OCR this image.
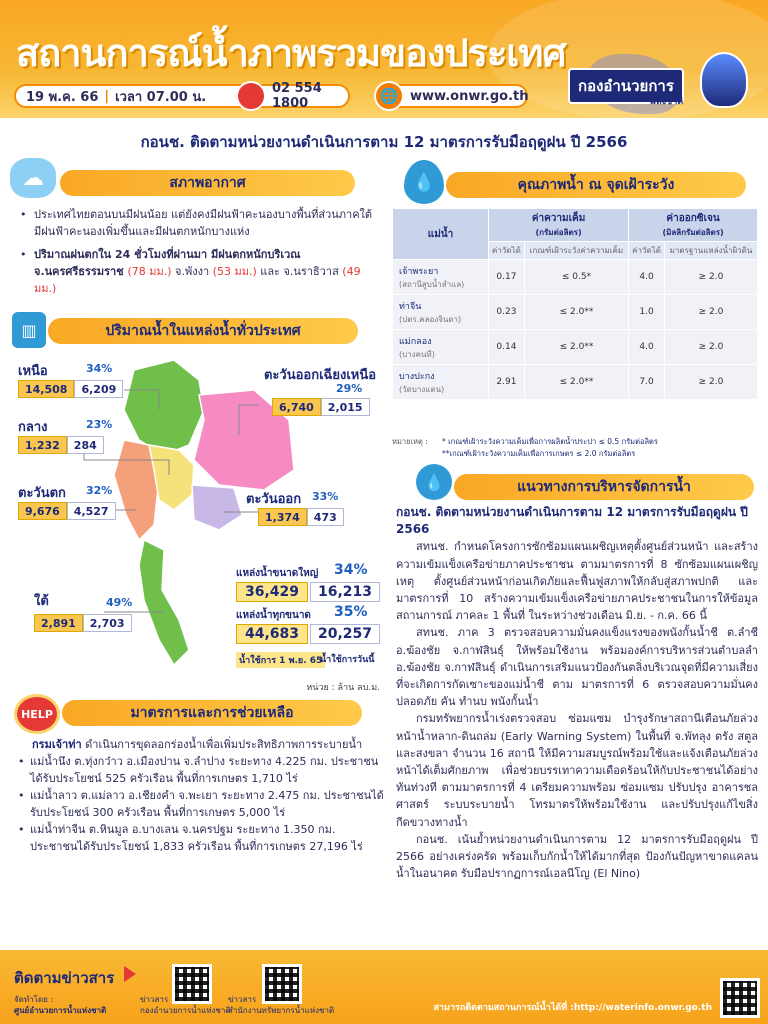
สถานการณ์น้ำภาพรวมของประเทศ
19 พ.ค. 66 | เวลา 07.00 น.	☎ 02 554 1800	🌐 www.onwr.go.th
กองอำนวยการ
แห่งชาติ
กอนช. ติดตามหน่วยงานดำเนินการตาม 12 มาตรการรับมือฤดูฝน ปี 2566
☁	สภาพอากาศ
• ประเทศไทยตอนบนมีฝนน้อย แต่ยังคงมีฝนฟ้าคะนองบางพื้นที่ส่วนภาคใต้มีฝนฟ้าคะนองเพิ่มขึ้นและมีฝนตกหนักบางแห่ง
• ปริมาณฝนตกใน 24 ชั่วโมงที่ผ่านมา มีฝนตกหนักบริเวณ จ.นครศรีธรรมราช (78 มม.) จ.พังงา (53 มม.) และ จ.นราธิวาส (49 มม.)
▥	ปริมาณน้ำในแหล่งน้ำทั่วประเทศ
เหนือ	34%
14,508	6,209
ตะวันออกเฉียงเหนือ
29%
6,740	2,015
กลาง	23%
1,232	284
ตะวันตก 32%
9,676	4,527
ตะวันออก 33%
1,374	473
ใต้	49%
2,891	2,703
แหล่งน้ำขนาดใหญ่ 34%
36,429	16,213
แหล่งน้ำทุกขนาด 35%
44,683	20,257
น้ำใช้การ 1 พ.ย. 65
น้ำใช้การวันนี้
หน่วย : ล้าน ลบ.ม.
HELP	มาตรการและการช่วยเหลือ
กรมเจ้าท่า ดำเนินการขุดลอกร่องน้ำเพื่อเพิ่มประสิทธิภาพการระบายน้ำ
• แม่น้ำนึง ต.ทุ่งกว๋าว อ.เมืองปาน จ.ลำปาง ระยะทาง 4.225 กม. ประชาชนได้รับประโยชน์ 525 ครัวเรือน พื้นที่การเกษตร 1,710 ไร่
• แม่น้ำลาว ต.แม่ลาว อ.เชียงคำ จ.พะเยา ระยะทาง 2.475 กม. ประชาชนได้รับประโยชน์ 300 ครัวเรือน พื้นที่การเกษตร 5,000 ไร่
• แม่น้ำท่าจีน ต.หินมูล อ.บางเลน จ.นครปฐม ระยะทาง 1.350 กม. ประชาชนได้รับประโยชน์ 1,833 ครัวเรือน พื้นที่การเกษตร 27,196 ไร่
💧	คุณภาพน้ำ ณ จุดเฝ้าระวัง
แม่น้ำ	ค่าความเค็ม
(กรัมต่อลิตร)		ค่าออกซิเจน
(มิลลิกรัมต่อลิตร)	
	ค่าวัดได้	เกณฑ์เฝ้าระวังค่าความเค็ม	ค่าวัดได้	มาตรฐานแหล่งน้ำผิวดิน
เจ้าพระยา
(สถานีสูบน้ำสำแล)	0.17	≤ 0.5*	4.0	≥ 2.0
ท่าจีน
(ปตร.คลองจินดา)	0.23	≤ 2.0**	1.0	≥ 2.0
แม่กลอง
(บางคนที)	0.14	≤ 2.0**	4.0	≥ 2.0
บางปะกง
(วัดบางแตน)	2.91	≤ 2.0**	7.0	≥ 2.0
หมายเหตุ : * เกณฑ์เฝ้าระวังความเค็มเพื่อการผลิตน้ำประปา ≤ 0.5 กรัมต่อลิตร
**เกณฑ์เฝ้าระวังความเค็มเพื่อการเกษตร ≤ 2.0 กรัมต่อลิตร
💧	แนวทางการบริหารจัดการน้ำ
กอนช. ติดตามหน่วยงานดำเนินการตาม 12 มาตรการรับมือฤดูฝน ปี 2566

สทนช. กำหนดโครงการซักซ้อมแผนเผชิญเหตุตั้งศูนย์ส่วนหน้า และสร้างความเข้มแข็งเครือข่ายภาคประชาชน ตามมาตรการที่ 8 ซักซ้อมแผนเผชิญเหตุ ตั้งศูนย์ส่วนหน้าก่อนเกิดภัยและฟื้นฟูสภาพให้กลับสู่สภาพปกติ และมาตรการที่ 10 สร้างความเข้มแข็งเครือข่ายภาคประชาชนในการให้ข้อมูลสถานการณ์ ภาคละ 1 พื้นที่ ในระหว่างช่วงเดือน มิ.ย. - ก.ค. 66 นี้

สทนช. ภาค 3 ตรวจสอบความมั่นคงแข็งแรงของพนังกั้นน้ำชี ต.ลำชี อ.ฆ้องชัย จ.กาฬสินธุ์ ให้พร้อมใช้งาน พร้อมองค์การบริหารส่วนตำบลลำ อ.ฆ้องชัย จ.กาฬสินธุ์ ดำเนินการเสริมแนวป้องกันตลิ่งบริเวณจุดที่มีความเสี่ยงที่จะเกิดการกัดเซาะของแม่น้ำชี ตาม มาตรการที่ 6 ตรวจสอบความมั่นคงปลอดภัย คัน ทำนบ พนังกั้นน้ำ

กรมทรัพยากรน้ำเร่งตรวจสอบ ซ่อมแซม บำรุงรักษาสถานีเตือนภัยล่วงหน้าน้ำหลาก-ดินถล่ม (Early Warning System) ในพื้นที่ จ.พัทลุง ตรัง สตูล และสงขลา จำนวน 16 สถานี ให้มีความสมบูรณ์พร้อมใช้และแจ้งเตือนภัยล่วงหน้าได้เต็มศักยภาพ เพื่อช่วยบรรเทาความเดือดร้อนให้กับประชาชนได้อย่างทันท่วงที ตามมาตรการที่ 4 เตรียมความพร้อม ซ่อมแซม ปรับปรุง อาคารชลศาสตร์ ระบบระบายน้ำ โทรมาตรให้พร้อมใช้งาน และปรับปรุงแก้ไขสิ่งกีดขวางทางน้ำ

กอนช. เน้นย้ำหน่วยงานดำเนินการตาม 12 มาตรการรับมือฤดูฝน ปี 2566 อย่างเคร่งครัด พร้อมเก็บกักน้ำให้ได้มากที่สุด ป้องกันปัญหาขาดแคลนน้ำในอนาคต รับมือปรากฏการณ์เอลนีโญ (El Nino)

ติดตามข่าวสาร
จัดทำโดย :
ศูนย์อำนวยการน้ำแห่งชาติ
ข่าวสาร
กองอำนวยการน้ำแห่งชาติ
ข่าวสาร
สำนักงานทรัพยากรน้ำแห่งชาติ	สามารถติดตามสถานการณ์น้ำได้ที่ :http://waterinfo.onwr.go.th
